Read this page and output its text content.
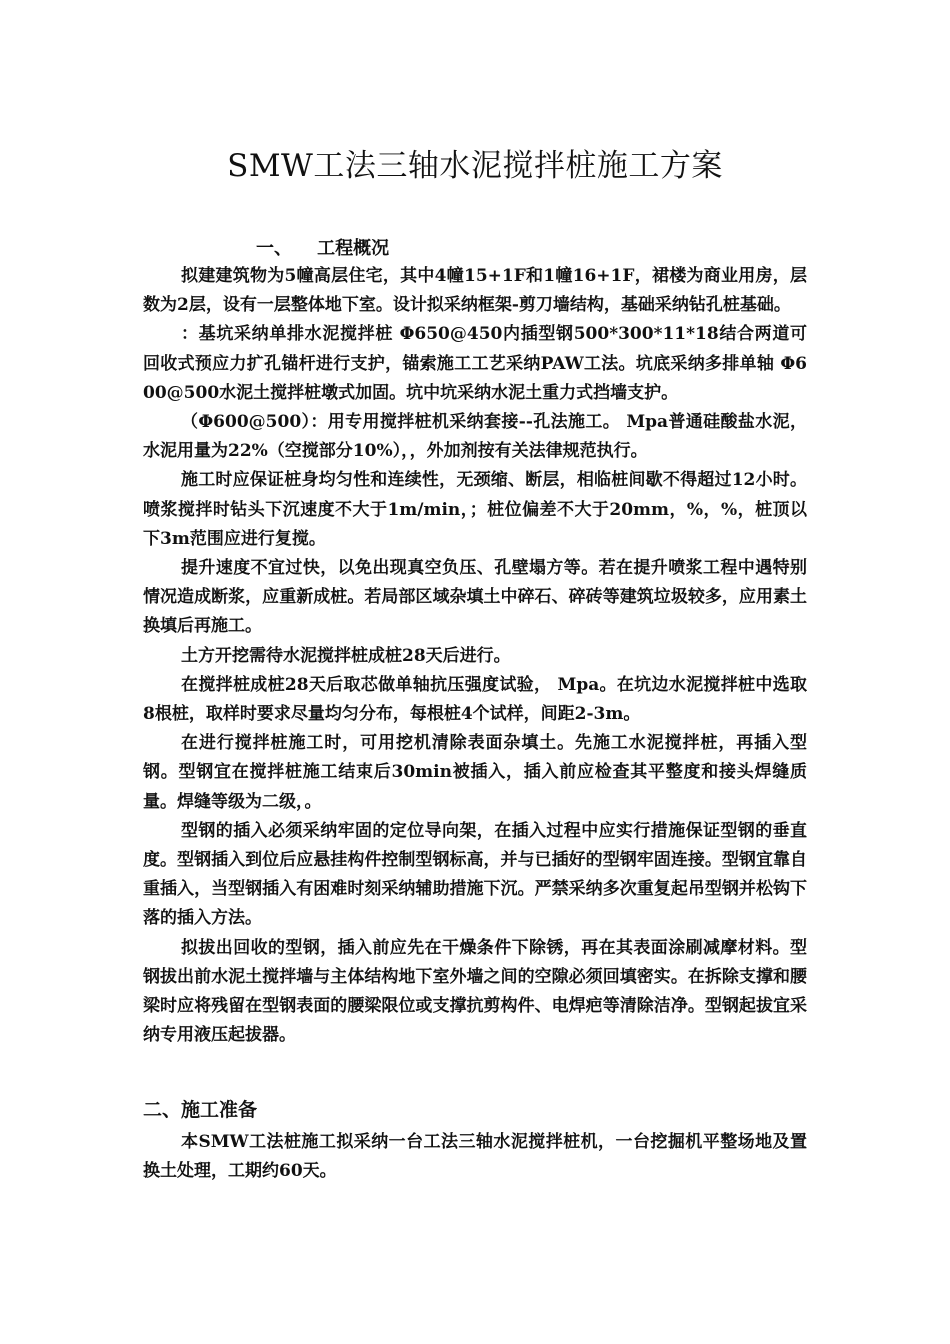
SMW工法三轴水泥搅拌桩施工方案
一、    工程概况

拟建建筑物为5幢高层住宅，其中4幢15+1F和1幢16+1F，裙楼为商业用房，层数为2层，设有一层整体地下室。设计拟采纳框架-剪刀墙结构，基础采纳钻孔桩基础。

：基坑采纳单排水泥搅拌桩 Φ650@450内插型钢500*300*11*18结合两道可回收式预应力扩孔锚杆进行支护，锚索施工工艺采纳PAW工法。坑底采纳多排单轴 Φ600@500水泥土搅拌桩墩式加固。坑中坑采纳水泥土重力式挡墙支护。

（Φ600@500）：用专用搅拌桩机采纳套接--孔法施工。 Mpa普通硅酸盐水泥，水泥用量为22%（空搅部分10%），，外加剂按有关法律规范执行。

施工时应保证桩身均匀性和连续性，无颈缩、断层，相临桩间歇不得超过12小时。喷浆搅拌时钻头下沉速度不大于1m/min，；桩位偏差不大于20mm，%，%，桩顶以下3m范围应进行复搅。

提升速度不宜过快，以免出现真空负压、孔壁塌方等。若在提升喷浆工程中遇特别情况造成断浆，应重新成桩。若局部区域杂填土中碎石、碎砖等建筑垃圾较多，应用素土换填后再施工。

土方开挖需待水泥搅拌桩成桩28天后进行。

在搅拌桩成桩28天后取芯做单轴抗压强度试验， Mpa。在坑边水泥搅拌桩中选取8根桩，取样时要求尽量均匀分布，每根桩4个试样，间距2-3m。

在进行搅拌桩施工时，可用挖机清除表面杂填土。先施工水泥搅拌桩，再插入型钢。型钢宜在搅拌桩施工结束后30min被插入，插入前应检查其平整度和接头焊缝质量。焊缝等级为二级，。

型钢的插入必须采纳牢固的定位导向架，在插入过程中应实行措施保证型钢的垂直度。型钢插入到位后应悬挂构件控制型钢标高，并与已插好的型钢牢固连接。型钢宜靠自重插入，当型钢插入有困难时刻采纳辅助措施下沉。严禁采纳多次重复起吊型钢并松钩下落的插入方法。

拟拔出回收的型钢，插入前应先在干燥条件下除锈，再在其表面涂刷减摩材料。型钢拔出前水泥土搅拌墙与主体结构地下室外墙之间的空隙必须回填密实。在拆除支撑和腰梁时应将残留在型钢表面的腰梁限位或支撑抗剪构件、电焊疤等清除洁净。型钢起拔宜采纳专用液压起拔器。

二、施工准备

本SMW工法桩施工拟采纳一台工法三轴水泥搅拌桩机，一台挖掘机平整场地及置换土处理，工期约60天。
